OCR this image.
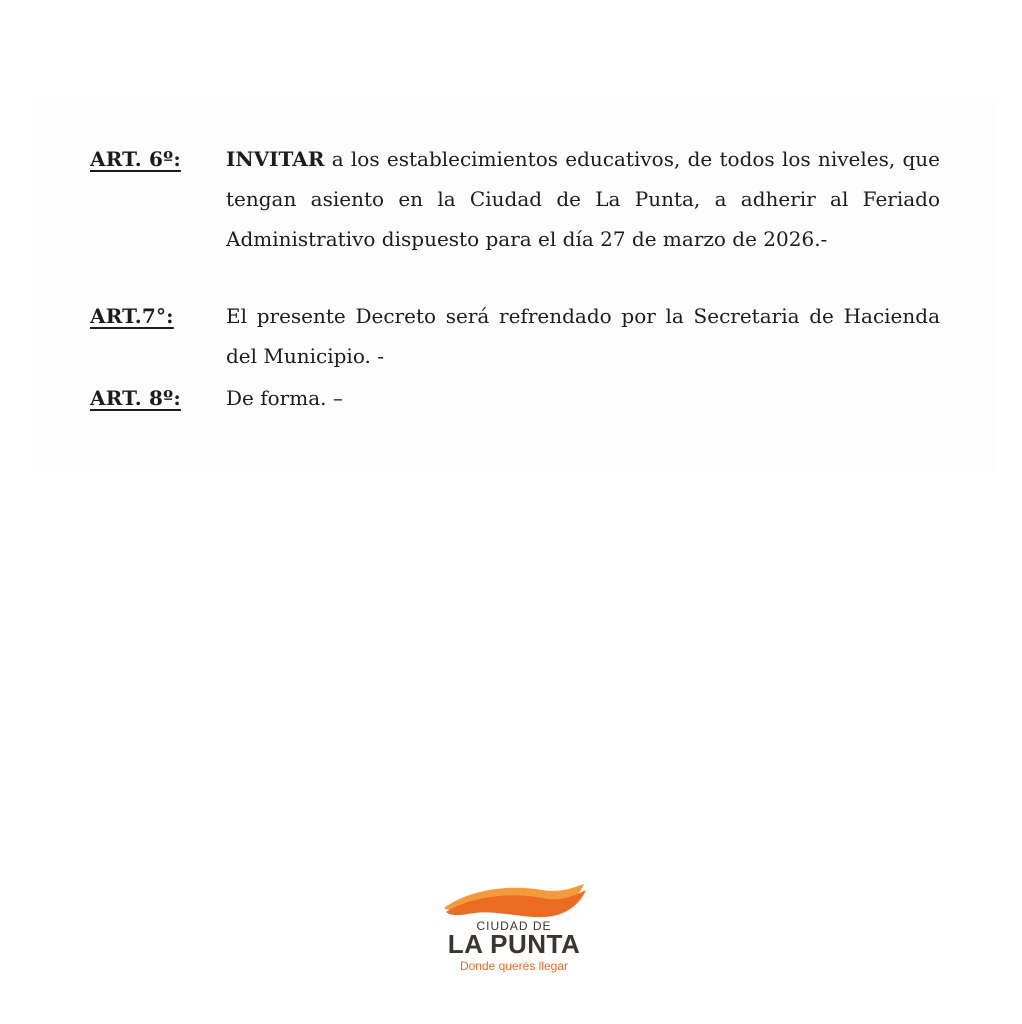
ART. 6º: INVITAR a los establecimientos educativos, de todos los niveles, que tengan asiento en la Ciudad de La Punta, a adherir al Feriado Administrativo dispuesto para el día 27 de marzo de 2026.-
ART.7°:	El presente Decreto será refrendado por la Secretaria de Hacienda del Municipio. -
ART. 8º: De forma. –
CIUDAD DE
LA PUNTA
Donde querés llegar
